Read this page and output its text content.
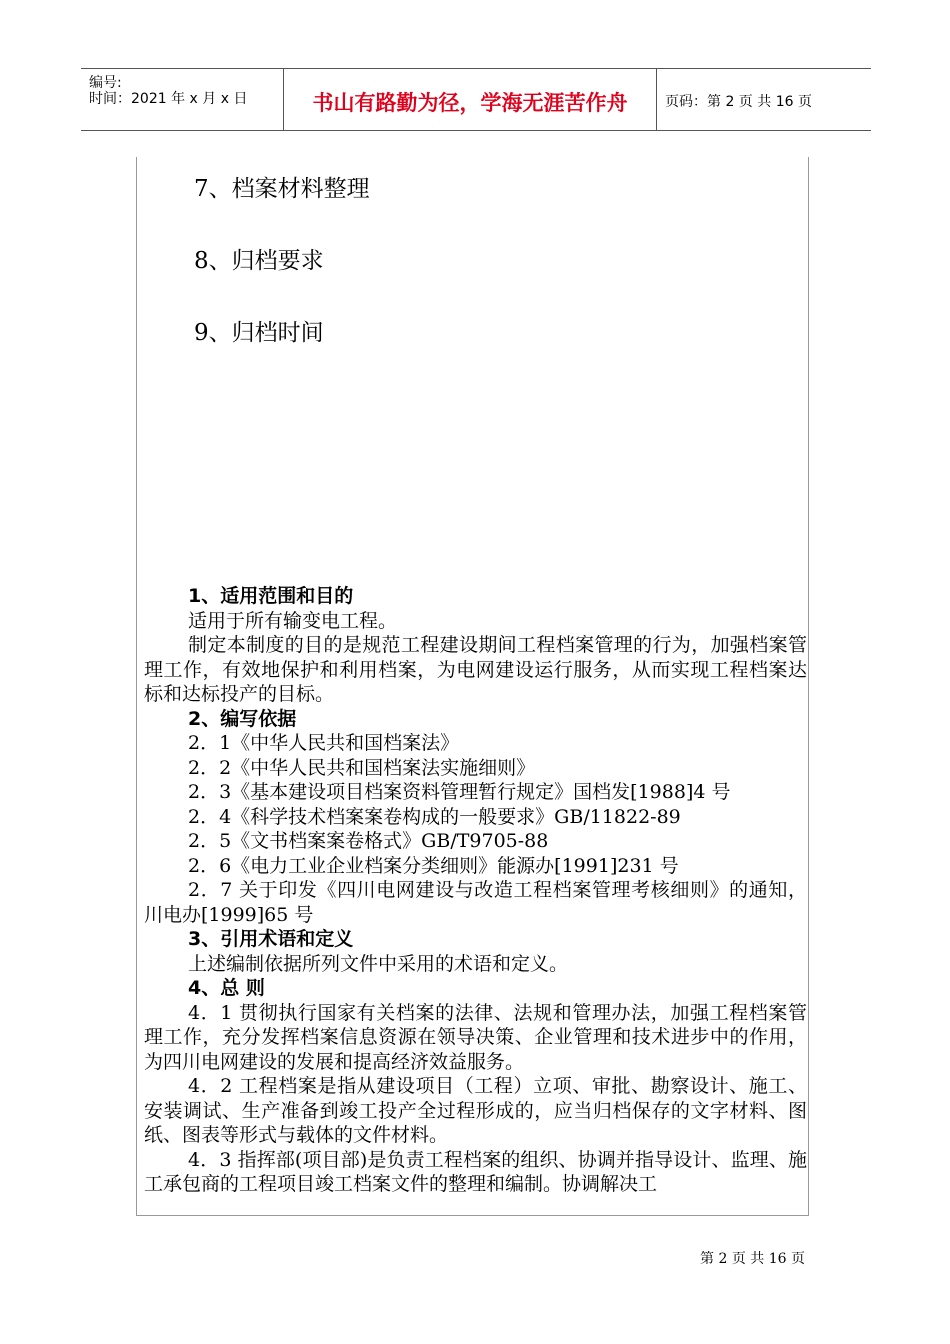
编号:
时间：2021 年 x 月 x 日	书山有路勤为径，学海无涯苦作舟	页码：第 2 页 共 16 页
7、档案材料整理
8、归档要求
9、归档时间

1、适用范围和目的

适用于所有输变电工程。

制定本制度的目的是规范工程建设期间工程档案管理的行为，加强档案管理工作，有效地保护和利用档案，为电网建设运行服务，从而实现工程档案达标和达标投产的目标。

2、编写依据

2．1《中华人民共和国档案法》

2．2《中华人民共和国档案法实施细则》

2．3《基本建设项目档案资料管理暂行规定》国档发[1988]4 号

2．4《科学技术档案案卷构成的一般要求》GB/11822-89

2．5《文书档案案卷格式》GB/T9705-88

2．6《电力工业企业档案分类细则》能源办[1991]231 号

2．7 关于印发《四川电网建设与改造工程档案管理考核细则》的通知，川电办[1999]65 号

3、引用术语和定义

上述编制依据所列文件中采用的术语和定义。

4、总 则

4．1 贯彻执行国家有关档案的法律、法规和管理办法，加强工程档案管理工作，充分发挥档案信息资源在领导决策、企业管理和技术进步中的作用，为四川电网建设的发展和提高经济效益服务。

4．2 工程档案是指从建设项目（工程）立项、审批、勘察设计、施工、安装调试、生产准备到竣工投产全过程形成的，应当归档保存的文字材料、图纸、图表等形式与载体的文件材料。

4．3 指挥部(项目部)是负责工程档案的组织、协调并指导设计、监理、施工承包商的工程项目竣工档案文件的整理和编制。协调解决工

第 2 页 共 16 页
